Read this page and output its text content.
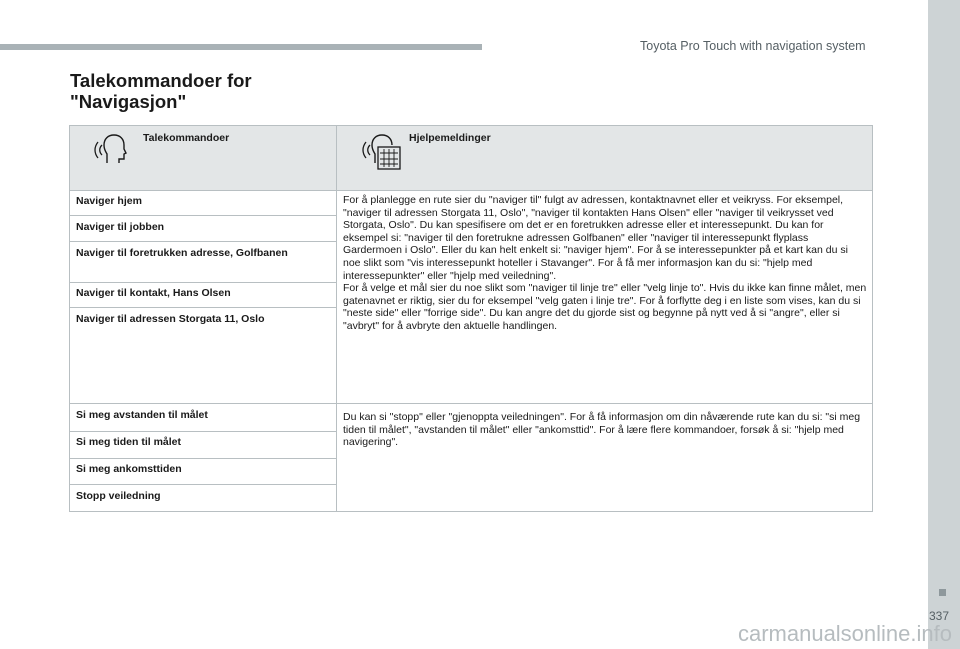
Toyota Pro Touch with navigation system
337
carmanualsonline.info
Talekommandoer for
"Navigasjon"
Talekommandoer	Hjelpemeldinger
Naviger hjem
Naviger til jobben
Naviger til foretrukken adresse, Golfbanen
Naviger til kontakt, Hans Olsen
Naviger til adressen Storgata 11, Oslo
For å planlegge en rute sier du "naviger til" fulgt av adressen, kontaktnavnet eller et veikryss. For eksempel, "naviger til adressen Storgata 11, Oslo", "naviger til kontakten Hans Olsen" eller "naviger til veikrysset ved Storgata, Oslo". Du kan spesifisere om det er en foretrukken adresse eller et interessepunkt. Du kan for eksempel si: "naviger til den foretrukne adressen Golfbanen" eller "naviger til interessepunkt flyplass Gardermoen i Oslo". Eller du kan helt enkelt si: "naviger hjem". For å se interessepunkter på et kart kan du si noe slikt som "vis interessepunkt hoteller i Stavanger". For å få mer informasjon kan du si: "hjelp med interessepunkter" eller "hjelp med veiledning".
For å velge et mål sier du noe slikt som "naviger til linje tre" eller "velg linje to". Hvis du ikke kan finne målet, men gatenavnet er riktig, sier du for eksempel "velg gaten i linje tre". For å forflytte deg i en liste som vises, kan du si "neste side" eller "forrige side". Du kan angre det du gjorde sist og begynne på nytt ved å si "angre", eller si "avbryt" for å avbryte den aktuelle handlingen.
Si meg avstanden til målet
Si meg tiden til målet
Si meg ankomsttiden
Stopp veiledning

Du kan si "stopp" eller "gjenoppta veiledningen". For å få informasjon om din nåværende rute kan du si: "si meg tiden til målet", "avstanden til målet" eller "ankomsttid". For å lære flere kommandoer, forsøk å si: "hjelp med navigering".
